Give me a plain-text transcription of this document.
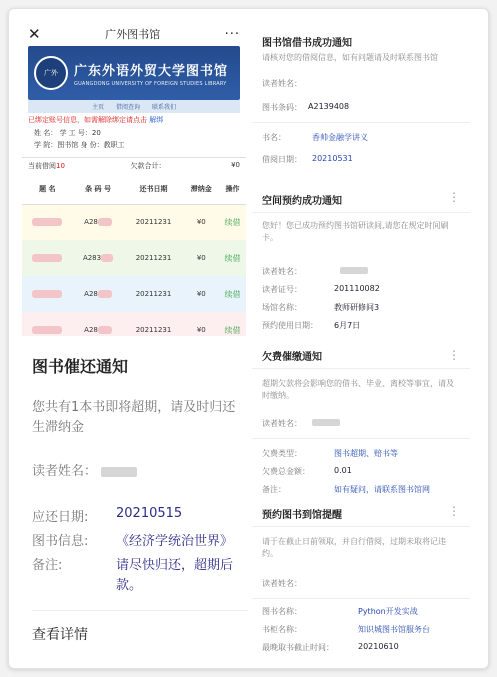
✕	广外图书馆	···
广外	广东外语外贸大学图书馆
GUANGDONG UNIVERSITY OF FOREIGN STUDIES LIBRARY
主页 借阅查询 联系我们
已绑定账号信息，如需解除绑定请点击 解绑
姓 名： 学 工 号：20
学 院：图书馆 身 份：教职工
当前借阅10	欠款合计：	¥0
题 名	条 码 号	还书日期	滞纳金	操作
	A28	20211231	¥0	续借
	A283	20211231	¥0	续借
	A28	20211231	¥0	续借
	A28	20211231	¥0	续借
图书催还通知
您共有1本书即将超期，请及时归还
生滞纳金
读者姓名：
应还日期: 20210515
图书信息: 《经济学统治世界》
备注:	请尽快归还，超期后
款。
查看详情
图书馆借书成功通知
请核对您的借阅信息，如有问题请及时联系图书馆
读者姓名：
图书条码： A2139408
书名：	香帅金融学讲义
借阅日期： 20210531
空间预约成功通知	⋮
您好！您已成功预约图书馆研读间,请您在规定时间刷卡。
读者姓名：
读者证号：	201110082
场馆名称：	教师研修间3
预约使用日期： 6月7日
欠费催缴通知	⋮
超期欠款将会影响您的借书、毕业、离校等事宜，请及时缴纳。
读者姓名：
欠费类型：	图书超期、赔书等
欠费总金额：	0.01
备注：	如有疑问，请联系图书馆网
预约图书到馆提醒	⋮
请于在截止日前领取，并自行借阅，过期未取将记违约。
读者姓名：
图书名称：	Python开发实战
书柜名称：	知识城图书馆服务台
最晚取书截止时间：	20210610
